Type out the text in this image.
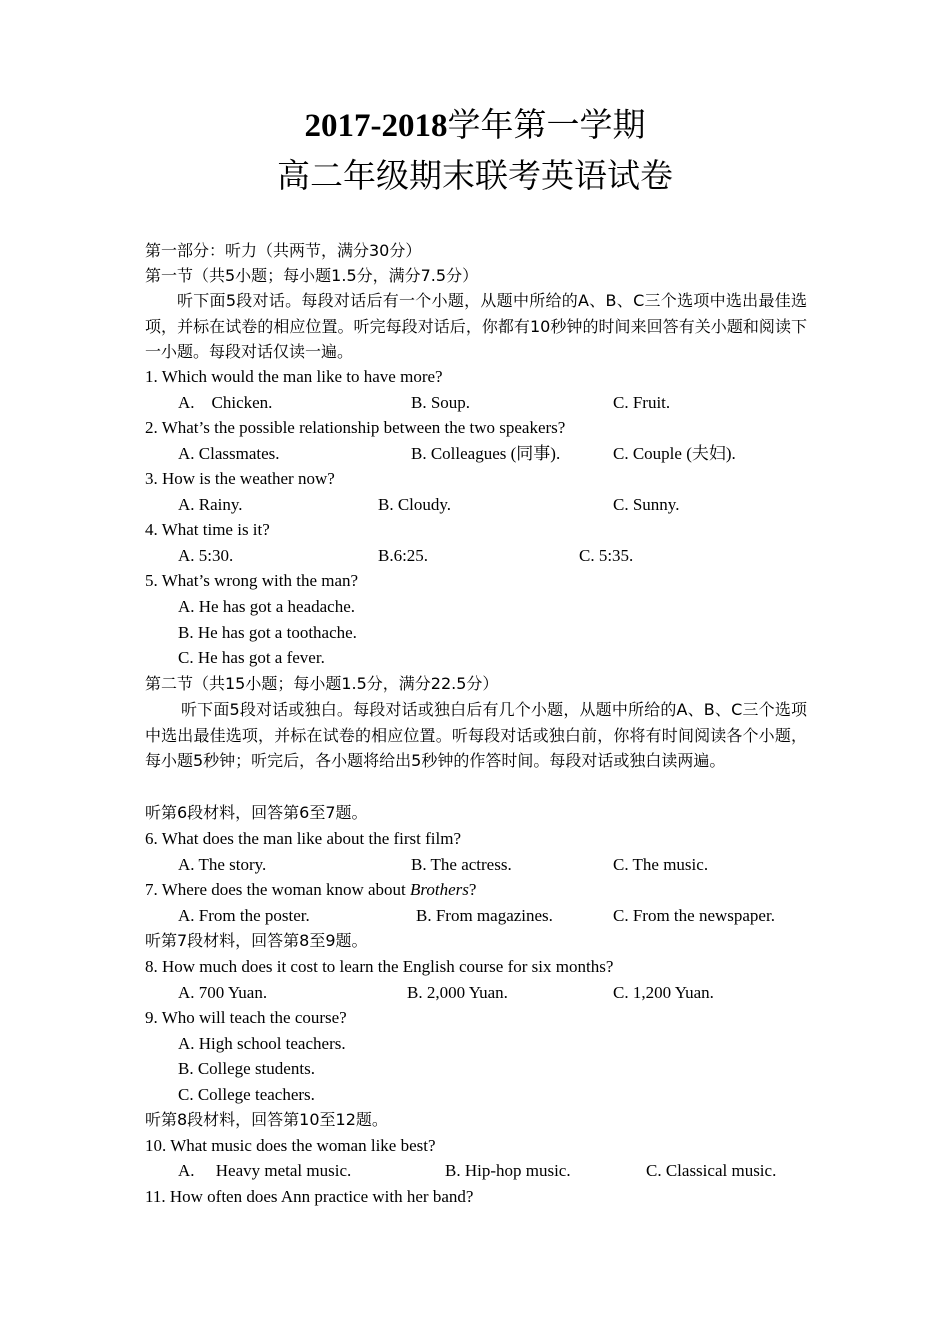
2017-2018学年第一学期
高二年级期末联考英语试卷
第一部分：听力（共两节，满分30分）
第一节（共5小题；每小题1.5分，满分7.5分）
听下面5段对话。每段对话后有一个小题，从题中所给的A、B、C三个选项中选出最佳选项，并标在试卷的相应位置。听完每段对话后，你都有10秒钟的时间来回答有关小题和阅读下一小题。每段对话仅读一遍。
1. Which would the man like to have more?
A.    Chicken.	B. Soup.	C. Fruit.
2. What’s the possible relationship between the two speakers?
A. Classmates.	B. Colleagues (同事).	C. Couple (夫妇).
3. How is the weather now?
A. Rainy.	B. Cloudy.	C. Sunny.
4. What time is it?
A. 5:30.	B.6:25.	C. 5:35.
5. What’s wrong with the man?
A. He has got a headache.
B. He has got a toothache.
C. He has got a fever.
第二节（共15小题；每小题1.5分，满分22.5分）
听下面5段对话或独白。每段对话或独白后有几个小题，从题中所给的A、B、C三个选项中选出最佳选项，并标在试卷的相应位置。听每段对话或独白前，你将有时间阅读各个小题，每小题5秒钟；听完后，各小题将给出5秒钟的作答时间。每段对话或独白读两遍。
听第6段材料，回答第6至7题。
6. What does the man like about the first film?
A. The story.	B. The actress.	C. The music.
7. Where does the woman know about Brothers?
A. From the poster.	B. From magazines.	C. From the newspaper.
听第7段材料，回答第8至9题。
8. How much does it cost to learn the English course for six months?
A. 700 Yuan.	B. 2,000 Yuan.	C. 1,200 Yuan.
9. Who will teach the course?
A. High school teachers.
B. College students.
C. College teachers.
听第8段材料，回答第10至12题。
10. What music does the woman like best?
A.     Heavy metal music.	B. Hip-hop music.	C. Classical music.
11. How often does Ann practice with her band?
